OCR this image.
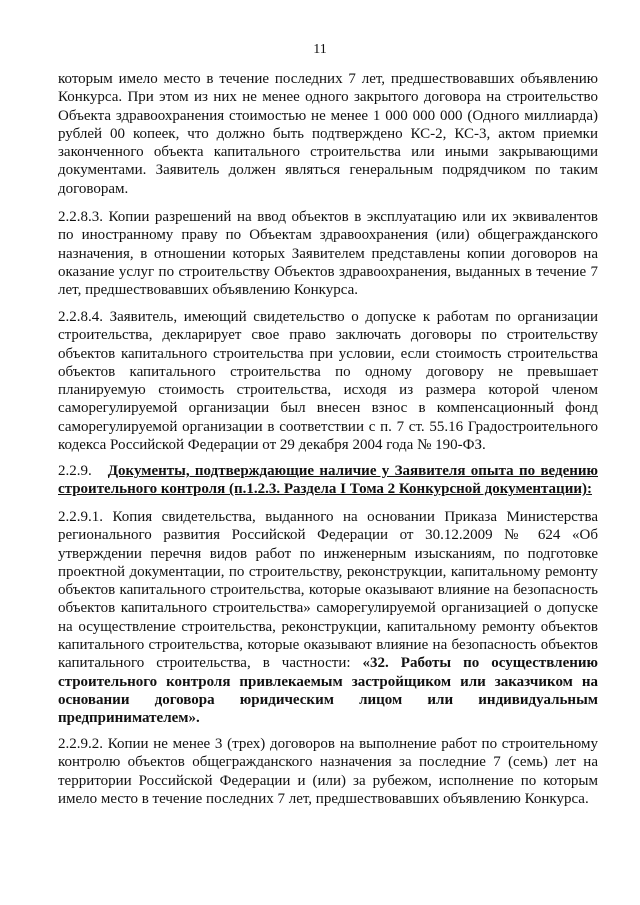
11
которым имело место в течение последних 7 лет, предшествовавших объявлению
Конкурса. При этом из них не менее одного закрытого договора на строительство
Объекта здравоохранения стоимостью не менее 1 000 000 000 (Одного миллиарда)
рублей 00 копеек, что должно быть подтверждено КС-2, КС-3, актом приемки
законченного объекта капитального строительства или иными закрывающими
документами. Заявитель должен являться генеральным подрядчиком по таким
договорам.
2.2.8.3. Копии разрешений на ввод объектов в эксплуатацию или их эквивалентов
по иностранному праву по Объектам здравоохранения (или) общегражданского
назначения, в отношении которых Заявителем представлены копии договоров на
оказание услуг по строительству Объектов здравоохранения, выданных в течение 7
лет, предшествовавших объявлению Конкурса.
2.2.8.4. Заявитель, имеющий свидетельство о допуске к работам по организации
строительства, декларирует свое право заключать договоры по строительству
объектов капитального строительства при условии, если стоимость строительства
объектов капитального строительства по одному договору не превышает
планируемую стоимость строительства, исходя из размера которой членом
саморегулируемой организации был внесен взнос в компенсационный фонд
саморегулируемой организации в соответствии с п. 7 ст. 55.16 Градостроительного
кодекса Российской Федерации от 29 декабря 2004 года № 190-ФЗ.
2.2.9. Документы, подтверждающие наличие у Заявителя опыта по ведению
строительного контроля (п.1.2.3. Раздела I Тома 2 Конкурсной документации):
2.2.9.1. Копия свидетельства, выданного на основании Приказа Министерства
регионального развития Российской Федерации от 30.12.2009 № 624 «Об
утверждении перечня видов работ по инженерным изысканиям, по подготовке
проектной документации, по строительству, реконструкции, капитальному ремонту
объектов капитального строительства, которые оказывают влияние на безопасность
объектов капитального строительства» саморегулируемой организацией о допуске
на осуществление строительства, реконструкции, капитальному ремонту объектов
капитального строительства, которые оказывают влияние на безопасность объектов
капитального строительства, в частности: «32. Работы по осуществлению
строительного контроля привлекаемым застройщиком или заказчиком на
основании договора юридическим лицом или индивидуальным
предпринимателем».
2.2.9.2. Копии не менее 3 (трех) договоров на выполнение работ по строительному
контролю объектов общегражданского назначения за последние 7 (семь) лет на
территории Российской Федерации и (или) за рубежом, исполнение по которым
имело место в течение последних 7 лет, предшествовавших объявлению Конкурса.
